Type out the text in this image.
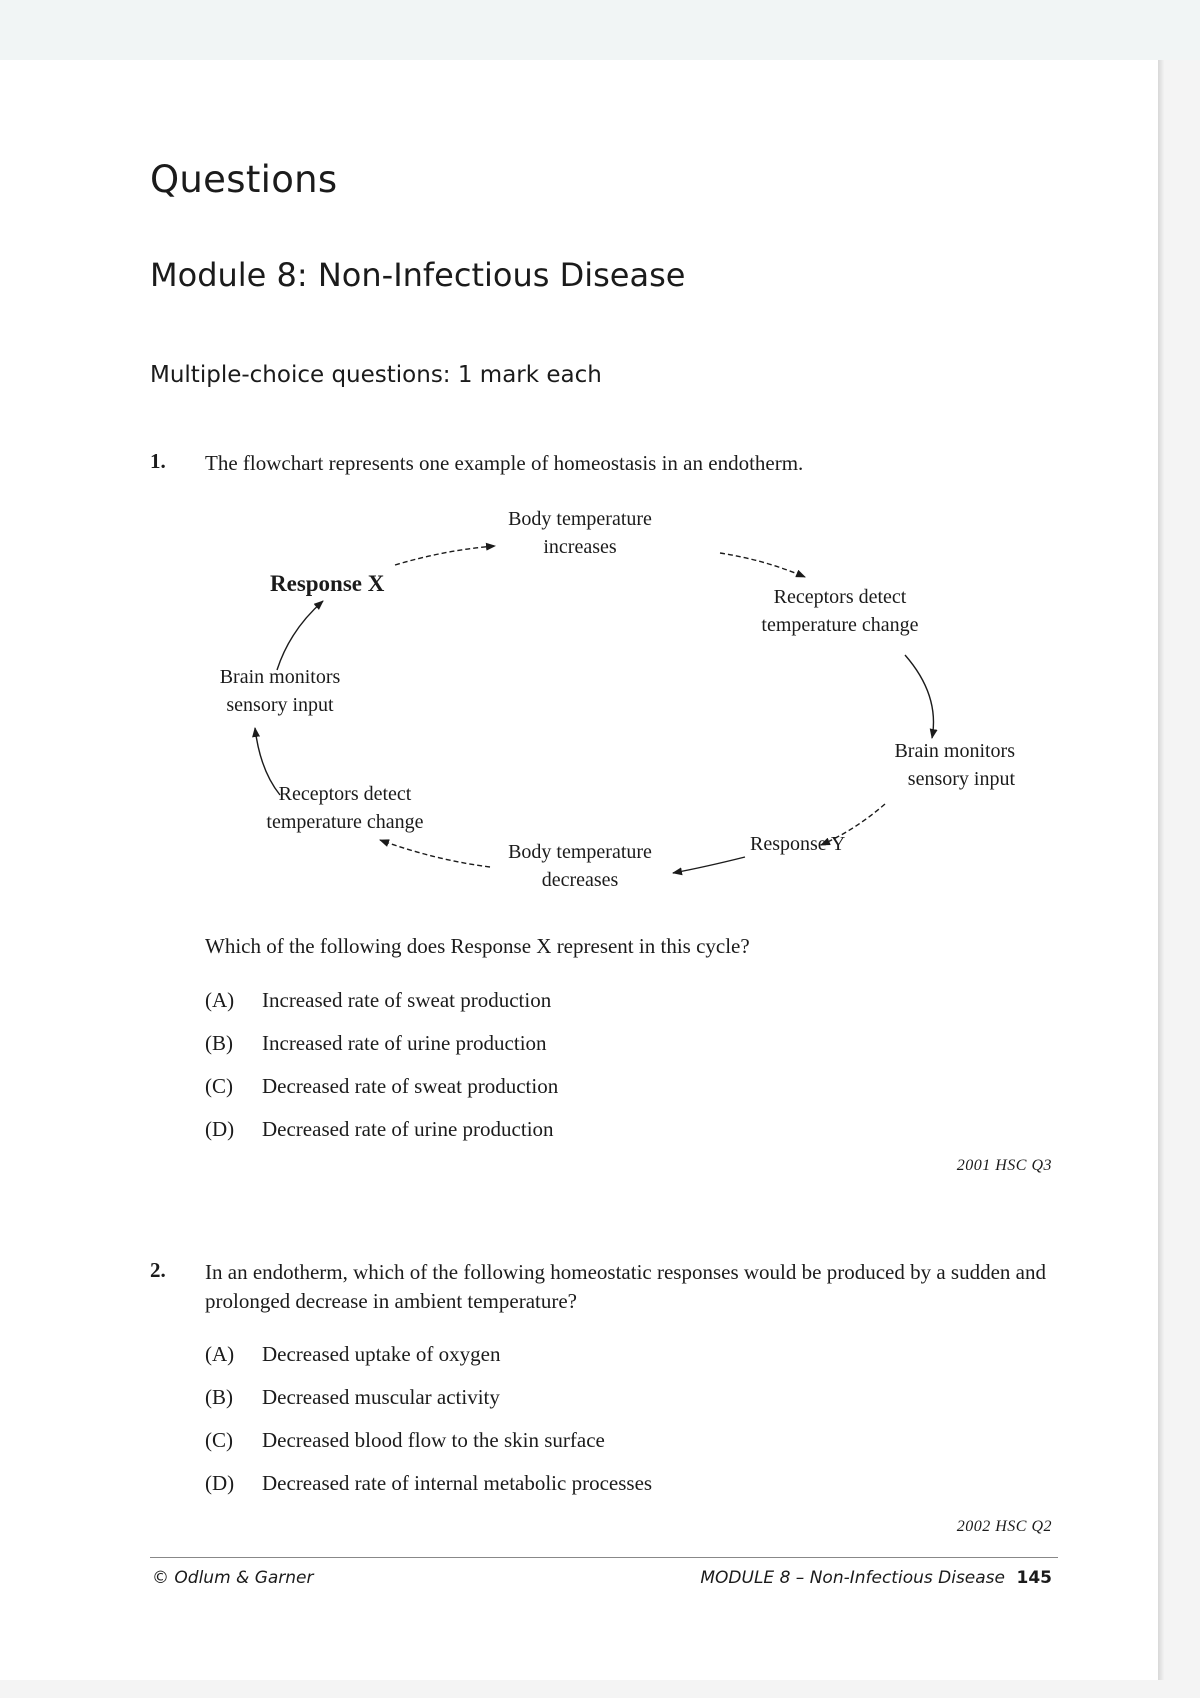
Questions
Module 8: Non-Infectious Disease
Multiple-choice questions: 1 mark each
1. The flowchart represents one example of homeostasis in an endotherm.
Body temperature
increases
Response X
Receptors detect
temperature change
Brain monitors
sensory input
Brain monitors
sensory input
Receptors detect
temperature change
Response Y
Body temperature
decreases
Which of the following does Response X represent in this cycle?
(A) Increased rate of sweat production
(B) Increased rate of urine production
(C) Decreased rate of sweat production
(D) Decreased rate of urine production
2001 HSC Q3
2. In an endotherm, which of the following homeostatic responses would be produced by a sudden and prolonged decrease in ambient temperature?
(A) Decreased uptake of oxygen
(B) Decreased muscular activity
(C) Decreased blood flow to the skin surface
(D) Decreased rate of internal metabolic processes
2002 HSC Q2
© Odlum & Garner	MODULE 8 – Non-Infectious Disease 145
